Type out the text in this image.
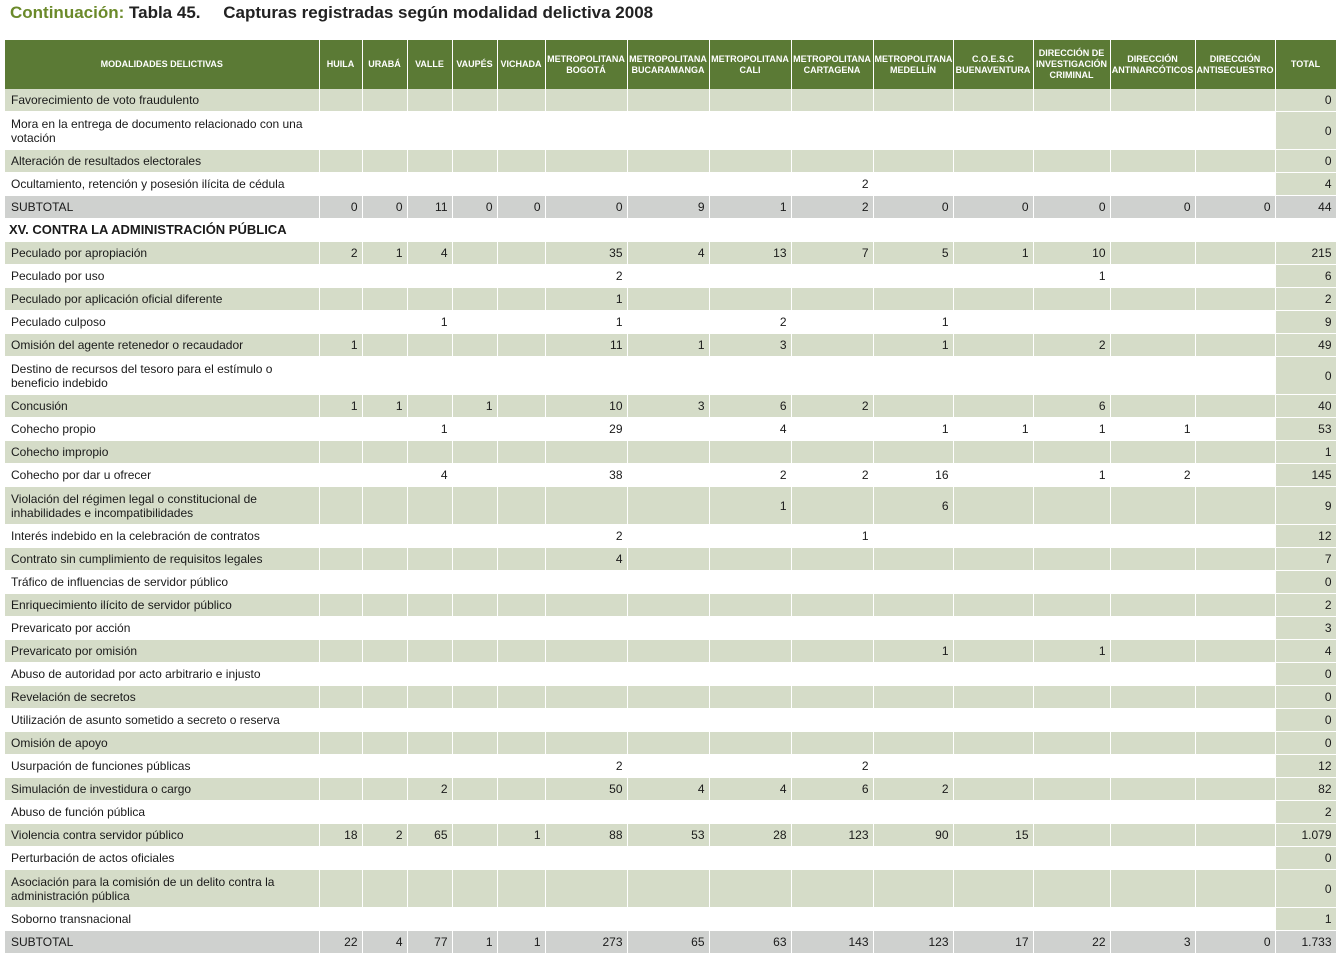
Continuación: Tabla 45. Capturas registradas según modalidad delictiva 2008
MODALIDADES DELICTIVAS	HUILA	URABÁ	VALLE	VAUPÉS	VICHADA	METROPOLITANA BOGOTÁ	METROPOLITANA BUCARAMANGA	METROPOLITANA CALI	METROPOLITANA CARTAGENA	METROPOLITANA MEDELLÍN	C.O.E.S.C BUENAVENTURA	DIRECCIÓN DE INVESTIGACIÓN CRIMINAL	DIRECCIÓN ANTINARCÓTICOS	DIRECCIÓN ANTISECUESTRO	TOTAL
Favorecimiento de voto fraudulento															0
Mora en la entrega de documento relacionado con una votación															0
Alteración de resultados electorales															0
Ocultamiento, retención y posesión ilícita de cédula									2						4
SUBTOTAL	0	0	11	0	0	0	9	1	2	0	0	0	0	0	44
XV. CONTRA LA ADMINISTRACIÓN PÚBLICA															
Peculado por apropiación	2	1	4			35	4	13	7	5	1	10			215
Peculado por uso						2						1			6
Peculado por aplicación oficial diferente						1									2
Peculado culposo			1			1		2		1					9
Omisión del agente retenedor o recaudador	1					11	1	3		1		2			49
Destino de recursos del tesoro para el estímulo o beneficio indebido															0
Concusión	1	1		1		10	3	6	2			6			40
Cohecho propio			1			29		4		1	1	1	1		53
Cohecho impropio															1
Cohecho por dar u ofrecer			4			38		2	2	16		1	2		145
Violación del régimen legal o constitucional de inhabilidades e incompatibilidades								1		6					9
Interés indebido en la celebración de contratos						2			1						12
Contrato sin cumplimiento de requisitos legales						4									7
Tráfico de influencias de servidor público															0
Enriquecimiento ilícito de servidor público															2
Prevaricato por acción															3
Prevaricato por omisión										1		1			4
Abuso de autoridad por acto arbitrario e injusto															0
Revelación de secretos															0
Utilización de asunto sometido a secreto o reserva															0
Omisión de apoyo															0
Usurpación de funciones públicas						2			2						12
Simulación de investidura o cargo			2			50	4	4	6	2					82
Abuso de función pública															2
Violencia contra servidor público	18	2	65		1	88	53	28	123	90	15				1.079
Perturbación de actos oficiales															0
Asociación para la comisión de un delito contra la administración pública															0
Soborno transnacional															1
SUBTOTAL	22	4	77	1	1	273	65	63	143	123	17	22	3	0	1.733
